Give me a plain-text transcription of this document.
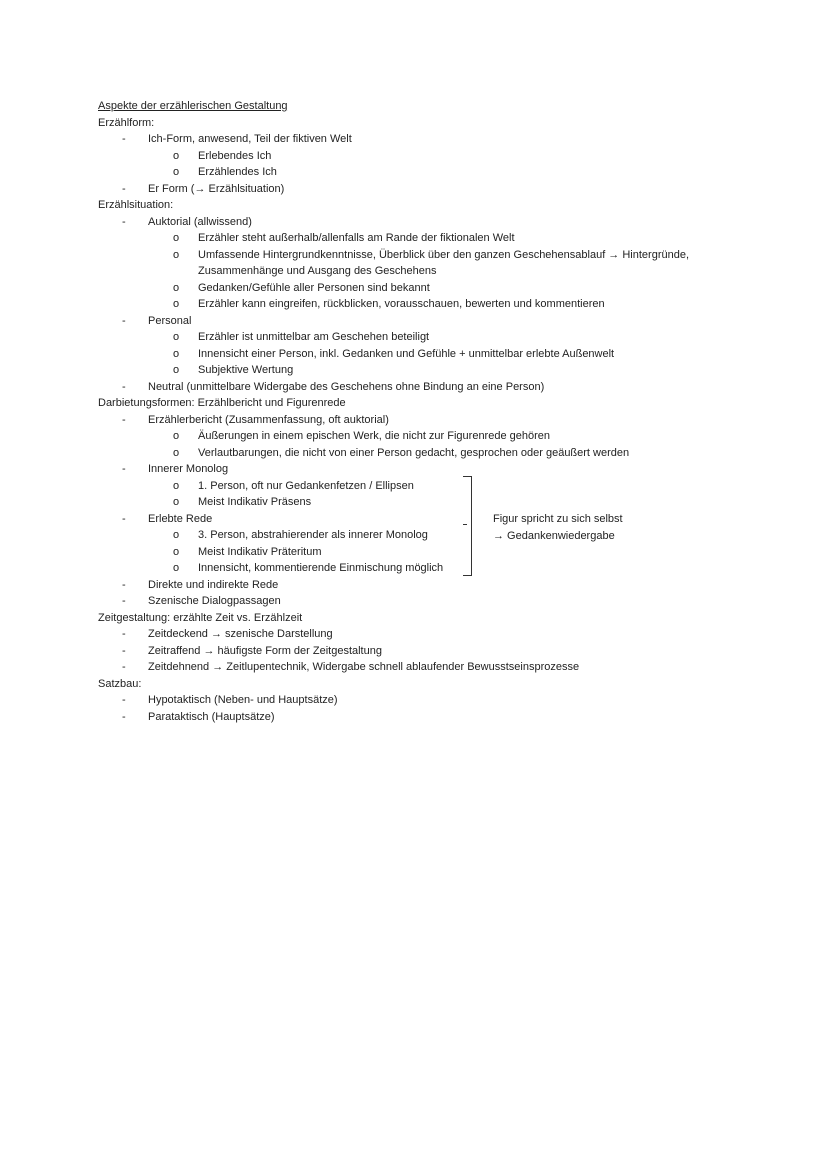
Aspekte der erzählerischen Gestaltung
Erzählform:
- Ich-Form, anwesend, Teil der fiktiven Welt
o Erlebendes Ich
o Erzählendes Ich
- Er Form (→ Erzählsituation)
Erzählsituation:
- Auktorial (allwissend)
o Erzähler steht außerhalb/allenfalls am Rande der fiktionalen Welt
o Umfassende Hintergrundkenntnisse, Überblick über den ganzen Geschehensablauf → Hintergründe, Zusammenhänge und Ausgang des Geschehens
o Gedanken/Gefühle aller Personen sind bekannt
o Erzähler kann eingreifen, rückblicken, vorausschauen, bewerten und kommentieren
- Personal
o Erzähler ist unmittelbar am Geschehen beteiligt
o Innensicht einer Person, inkl. Gedanken und Gefühle + unmittelbar erlebte Außenwelt
o Subjektive Wertung
- Neutral (unmittelbare Widergabe des Geschehens ohne Bindung an eine Person)
Darbietungsformen: Erzählbericht und Figurenrede
- Erzählerbericht (Zusammenfassung, oft auktorial)
o Äußerungen in einem epischen Werk, die nicht zur Figurenrede gehören
o Verlautbarungen, die nicht von einer Person gedacht, gesprochen oder geäußert werden
- Innerer Monolog
o 1. Person, oft nur Gedankenfetzen / Ellipsen
o Meist Indikativ Präsens
- Erlebte Rede
o 3. Person, abstrahierender als innerer Monolog
o Meist Indikativ Präteritum
o Innensicht, kommentierende Einmischung möglich
- Direkte und indirekte Rede
- Szenische Dialogpassagen
Zeitgestaltung: erzählte Zeit vs. Erzählzeit
- Zeitdeckend → szenische Darstellung
- Zeitraffend → häufigste Form der Zeitgestaltung
- Zeitdehnend → Zeitlupentechnik, Widergabe schnell ablaufender Bewusstseinsprozesse
Satzbau:
- Hypotaktisch (Neben- und Hauptsätze)
- Parataktisch (Hauptsätze)
Figur spricht zu sich selbst
→ Gedankenwiedergabe
